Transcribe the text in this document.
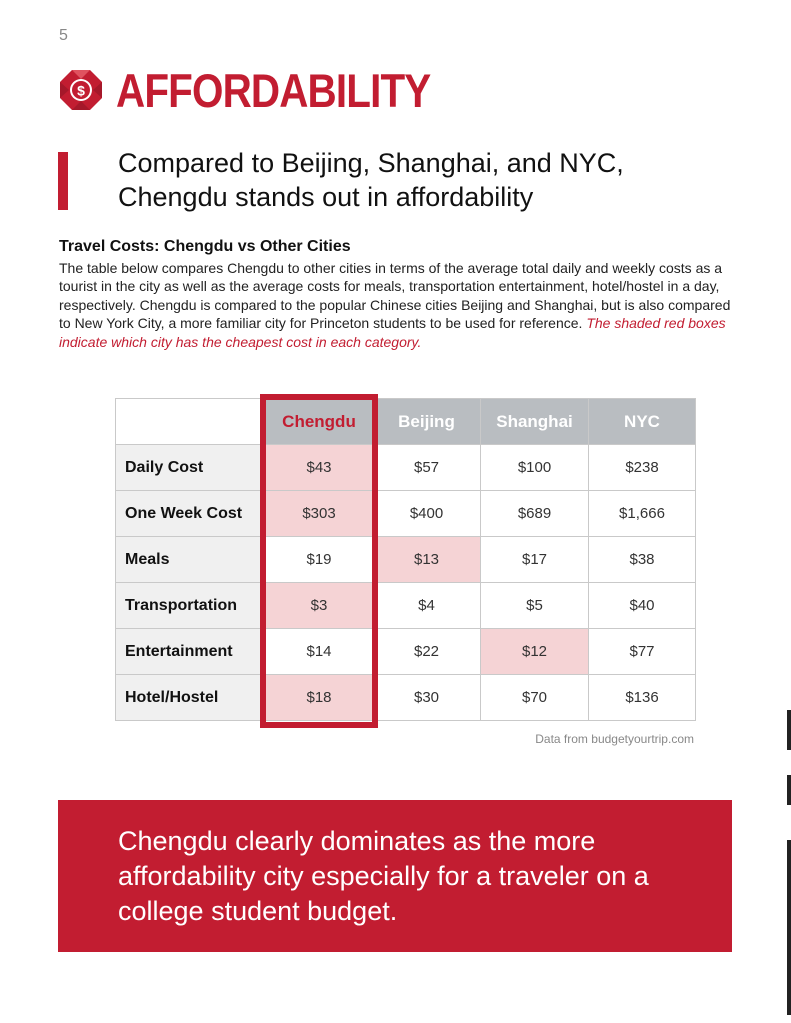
5
$ AFFORDABILITY
Compared to Beijing, Shanghai, and NYC, Chengdu stands out in affordability
Travel Costs: Chengdu vs Other Cities

The table below compares Chengdu to other cities in terms of the average total daily and weekly costs as a tourist in the city as well as the average costs for meals, transportation entertainment, hotel/hostel in a day, respectively. Chengdu is compared to the popular Chinese cities Beijing and Shanghai, but is also compared to New York City, a more familiar city for Princeton students to be used for reference. The shaded red boxes indicate which city has the cheapest cost in each category.

	Chengdu	Beijing	Shanghai	NYC
Daily Cost	$43	$57	$100	$238
One Week Cost	$303	$400	$689	$1,666
Meals	$19	$13	$17	$38
Transportation	$3	$4	$5	$40
Entertainment	$14	$22	$12	$77
Hotel/Hostel	$18	$30	$70	$136
Data from budgetyourtrip.com

Chengdu clearly dominates as the more affordability city especially for a traveler on a college student budget.
